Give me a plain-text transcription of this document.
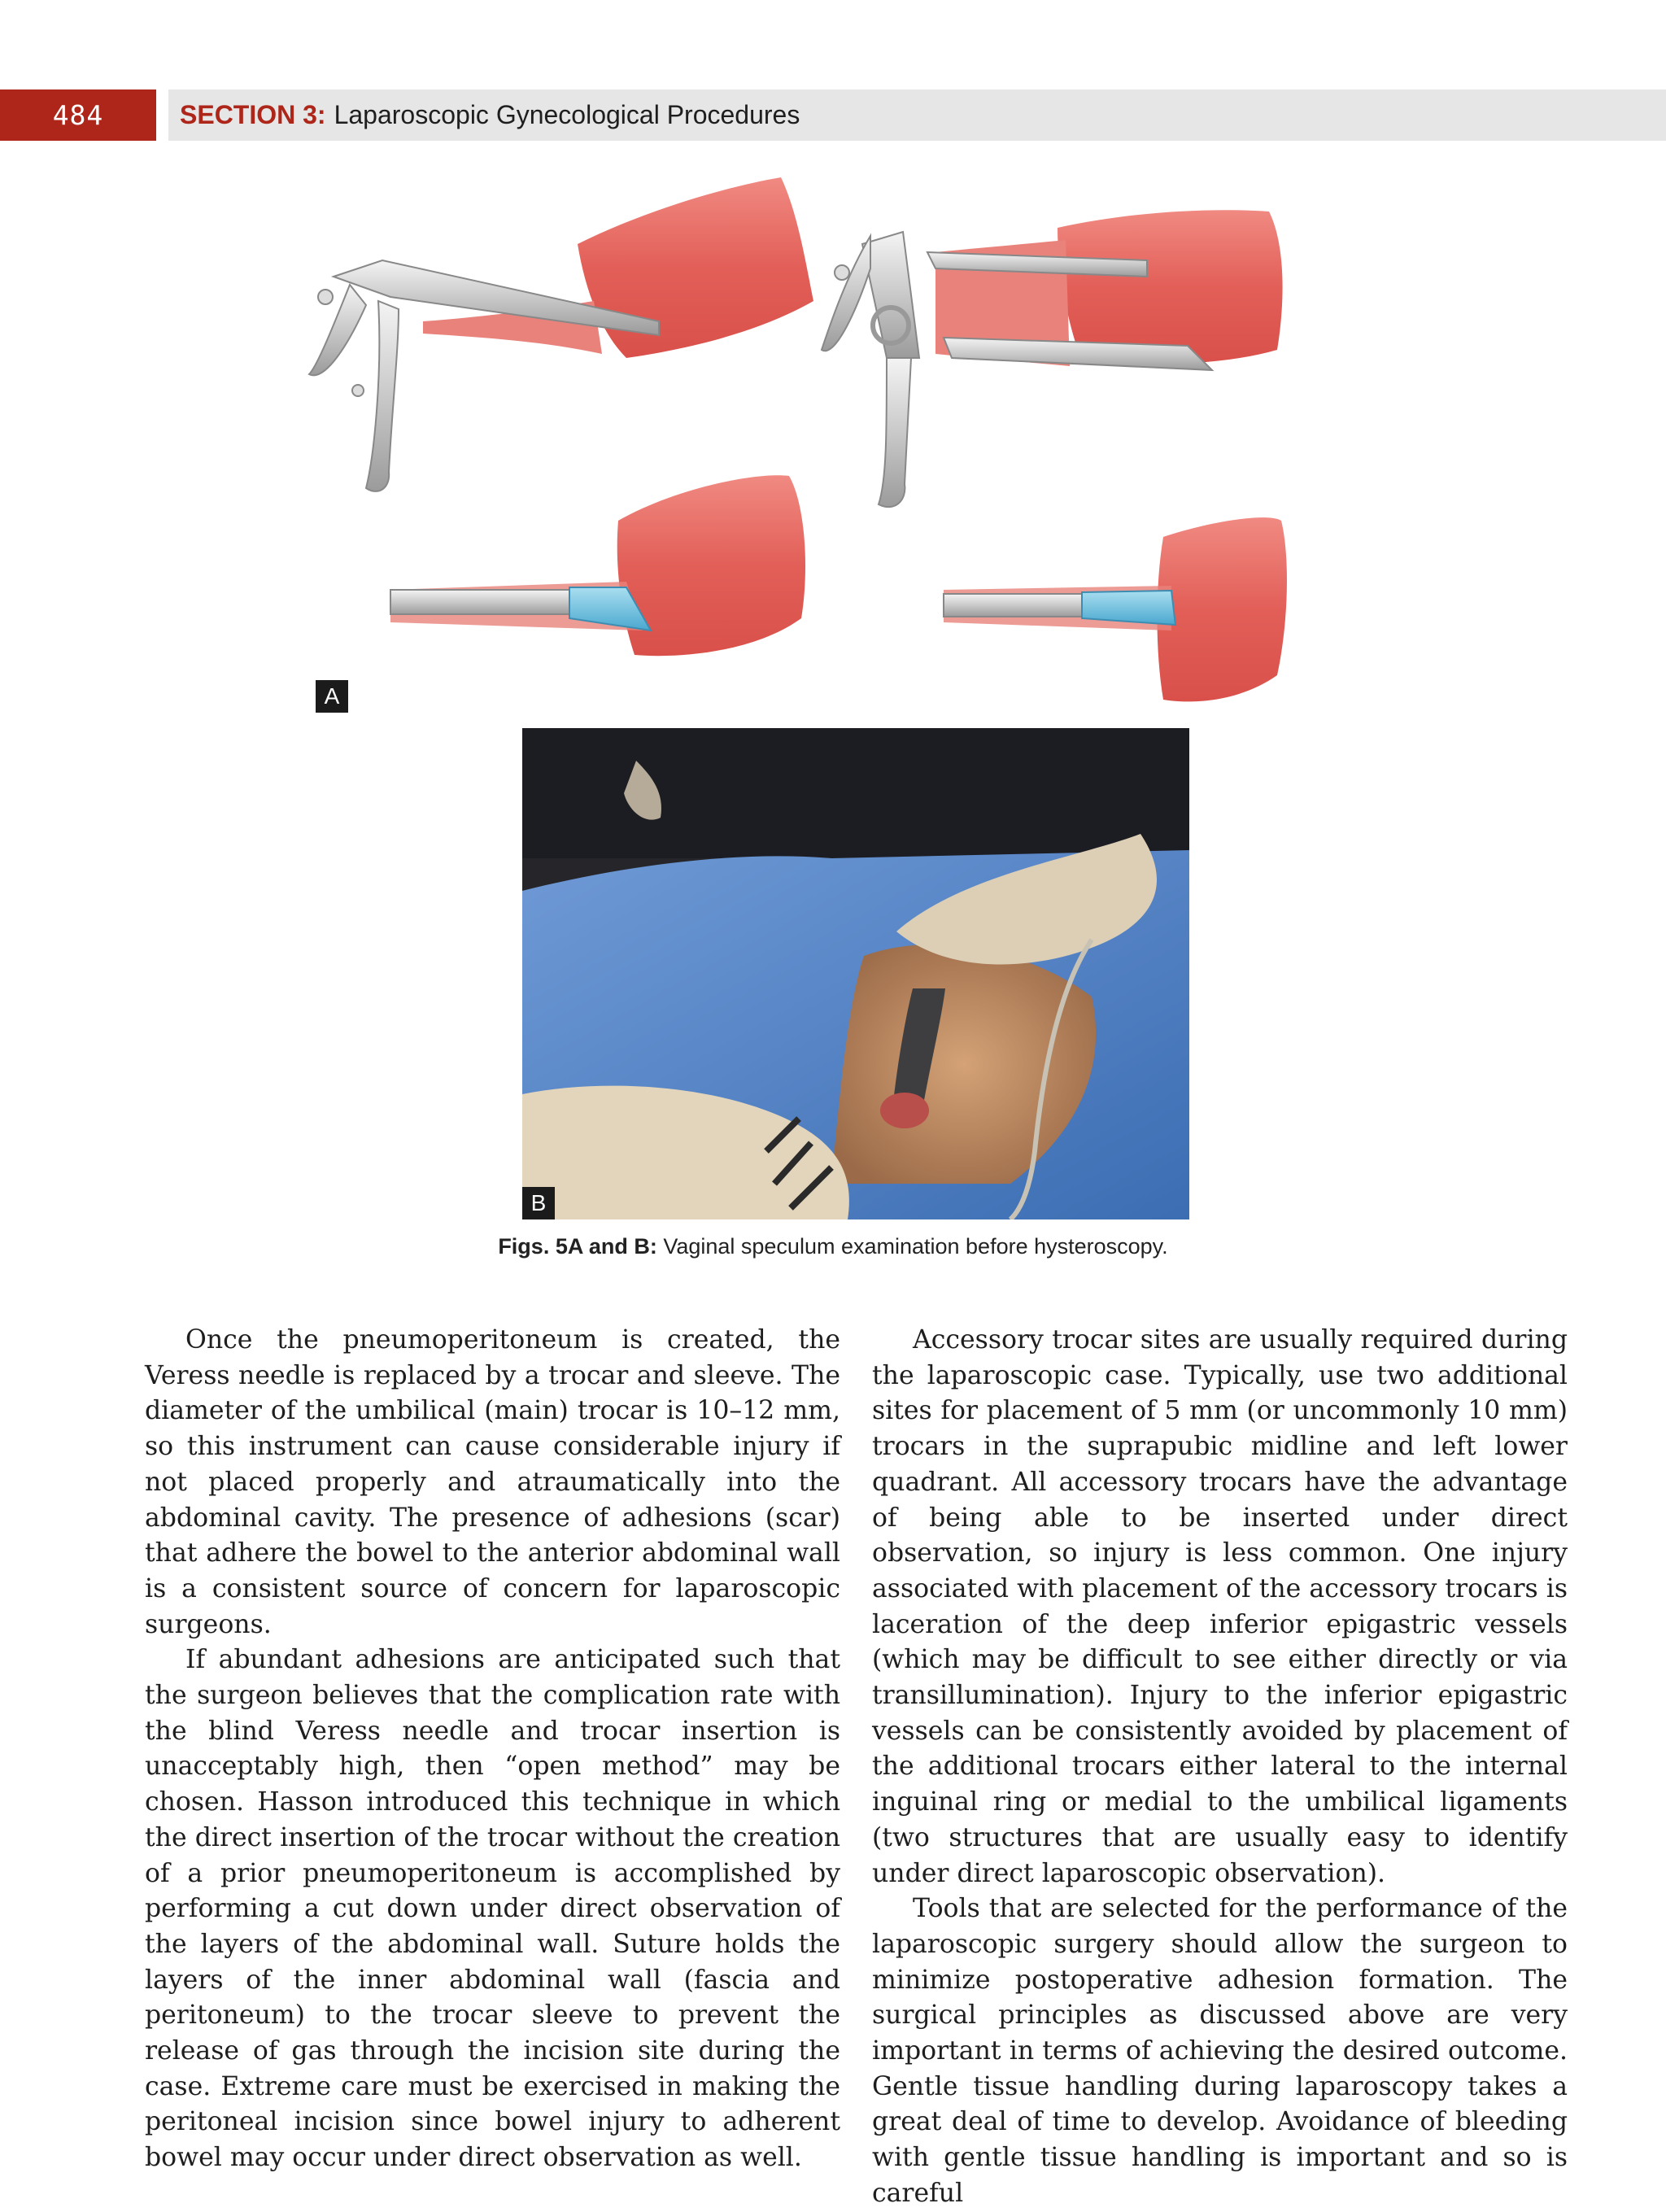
484	SECTION 3: Laparoscopic Gynecological Procedures
A
B
Figs. 5A and B: Vaginal speculum examination before hysteroscopy.

Once the pneumoperitoneum is created, the Veress needle is replaced by a trocar and sleeve. The diameter of the umbilical (main) trocar is 10–12 mm, so this instrument can cause considerable injury if not placed properly and atraumatically into the abdominal cavity. The presence of adhesions (scar) that adhere the bowel to the anterior abdominal wall is a consistent source of concern for laparoscopic surgeons.

If abundant adhesions are anticipated such that the surgeon believes that the complication rate with the blind Veress needle and trocar insertion is unacceptably high, then “open method” may be chosen. Hasson introduced this technique in which the direct insertion of the trocar without the creation of a prior pneumoperitoneum is accomplished by performing a cut down under direct observation of the layers of the abdominal wall. Suture holds the layers of the inner abdominal wall (fascia and peritoneum) to the trocar sleeve to prevent the release of gas through the incision site during the case. Extreme care must be exercised in making the peritoneal incision since bowel injury to adherent bowel may occur under direct observation as well.

Accessory trocar sites are usually required during the laparoscopic case. Typically, use two additional sites for placement of 5 mm (or uncommonly 10 mm) trocars in the suprapubic midline and left lower quadrant. All accessory trocars have the advantage of being able to be inserted under direct observation, so injury is less common. One injury associated with placement of the accessory trocars is laceration of the deep inferior epigastric vessels (which may be difficult to see either directly or via transillumination). Injury to the inferior epigastric vessels can be consistently avoided by placement of the additional trocars either lateral to the internal inguinal ring or medial to the umbilical ligaments (two structures that are usually easy to identify under direct laparoscopic observation).

Tools that are selected for the performance of the laparoscopic surgery should allow the surgeon to minimize postoperative adhesion formation. The surgical principles as discussed above are very important in terms of achieving the desired outcome. Gentle tissue handling during laparoscopy takes a great deal of time to develop. Avoidance of bleeding with gentle tissue handling is important and so is careful
